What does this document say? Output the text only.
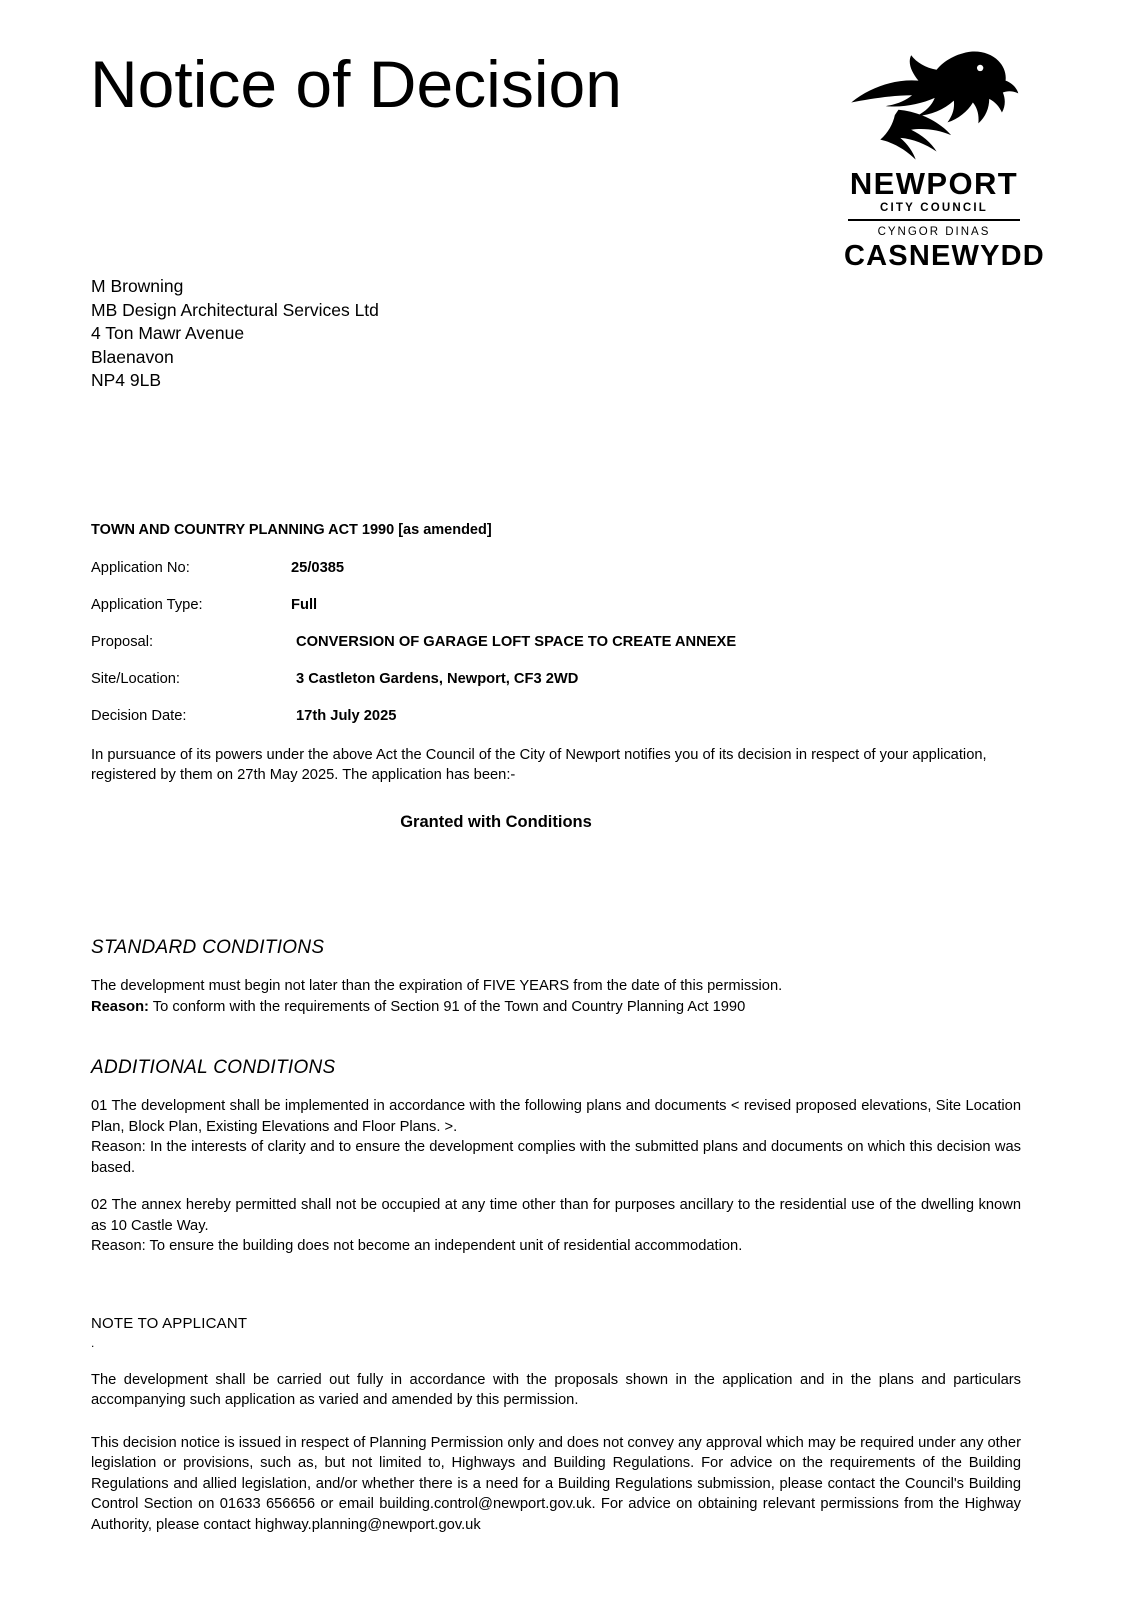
Notice of Decision
NEWPORT
CITY COUNCIL
CYNGOR DINAS
CASNEWYDD
M Browning
MB Design Architectural Services Ltd
4 Ton Mawr Avenue
Blaenavon
NP4 9LB
TOWN AND COUNTRY PLANNING ACT 1990 [as amended]
Application No:	25/0385
Application Type:	Full
Proposal:	CONVERSION OF GARAGE LOFT SPACE TO CREATE ANNEXE
Site/Location:	3 Castleton Gardens, Newport, CF3 2WD
Decision Date:	17th July 2025
In pursuance of its powers under the above Act the Council of the City of Newport notifies you of its decision in respect of your application, registered by them on 27th May 2025. The application has been:-
Granted with Conditions
STANDARD CONDITIONS
The development must begin not later than the expiration of FIVE YEARS from the date of this permission.
Reason: To conform with the requirements of Section 91 of the Town and Country Planning Act 1990
ADDITIONAL CONDITIONS
01 The development shall be implemented in accordance with the following plans and documents < revised proposed elevations, Site Location Plan, Block Plan, Existing Elevations and Floor Plans. >.
Reason: In the interests of clarity and to ensure the development complies with the submitted plans and documents on which this decision was based.
02 The annex hereby permitted shall not be occupied at any time other than for purposes ancillary to the residential use of the dwelling known as 10 Castle Way.
Reason: To ensure the building does not become an independent unit of residential accommodation.
NOTE TO APPLICANT
.
The development shall be carried out fully in accordance with the proposals shown in the application and in the plans and particulars accompanying such application as varied and amended by this permission.
This decision notice is issued in respect of Planning Permission only and does not convey any approval which may be required under any other legislation or provisions, such as, but not limited to, Highways and Building Regulations. For advice on the requirements of the Building Regulations and allied legislation, and/or whether there is a need for a Building Regulations submission, please contact the Council's Building Control Section on 01633 656656 or email building.control@newport.gov.uk. For advice on obtaining relevant permissions from the Highway Authority, please contact highway.planning@newport.gov.uk
